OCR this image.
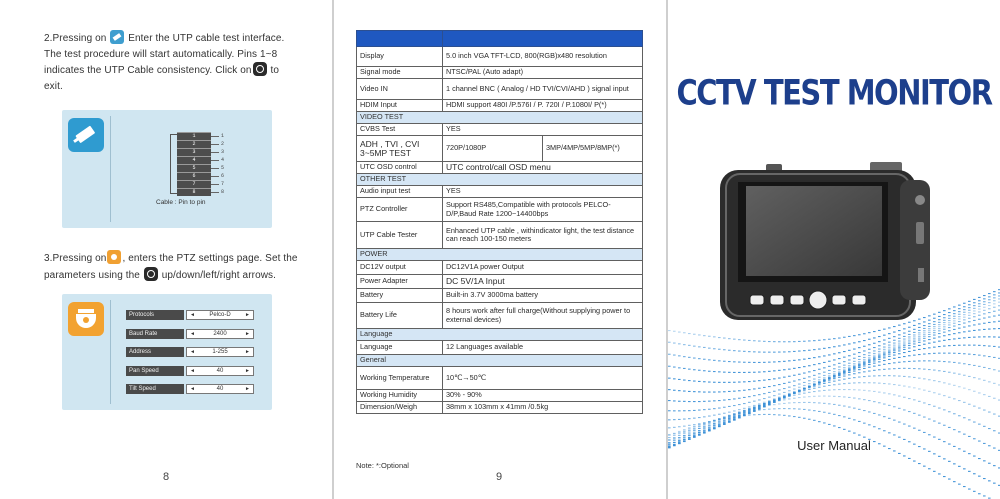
2.Pressing on Enter the UTP cable test interface.
The test procedure will start automatically. Pins 1~8
indicates the UTP Cable consistency. Click on to
exit.
1
2
3
4
5
6
7
8
1
2
3
4
5
6
7
8
Cable : Pin to pin
3.Pressing on , enters the PTZ settings page. Set the
parameters using the  up/down/left/right arrows.
Protocols	◄ Pelco-D	►
Baud Rate	◄	2400	►
Address	◄	1-255	►
Pan Speed	◄	40	►
Tilt Speed	◄	40	►
8

Display	5.0 inch VGA TFT-LCD, 800(RGB)x480 resolution	
Signal mode	NTSC/PAL (Auto adapt)	
Video IN	1 channel BNC ( Analog / HD TVI/CVI/AHD ) signal input	
HDIM Input	HDMI support 480I /P.576I / P. 720I / P.1080I/ P(*)	
VIDEO TEST		
CVBS Test	YES	
ADH , TVI , CVI 3~5MP TEST	720P/1080P	3MP/4MP/5MP/8MP(*)
UTC OSD control	UTC control/call OSD menu	
OTHER TEST		
Audio input test	YES	
PTZ Controller	Support RS485,Compatible with protocols PELCO-D/P,Baud Rate 1200~14400bps	
UTP Cable Tester	Enhanced UTP cable , withindicator light, the test distance can reach 100-150 meters	
POWER		
DC12V output	DC12V1A power Output	
Power Adapter	DC 5V/1A Input	
Battery	Built-in 3.7V 3000ma battery	
Battery Life	8 hours work after full charge(Without supplying power to external devices)	
Language		
Language	12 Languages available	
General		
Working Temperature	10℃→50℃	
Working Humidity	30% - 90%	
Dimension/Weigh	38mm x 103mm x 41mm /0.5kg	
Note: *:Optional
9
CCTV TEST MONITOR
User Manual
